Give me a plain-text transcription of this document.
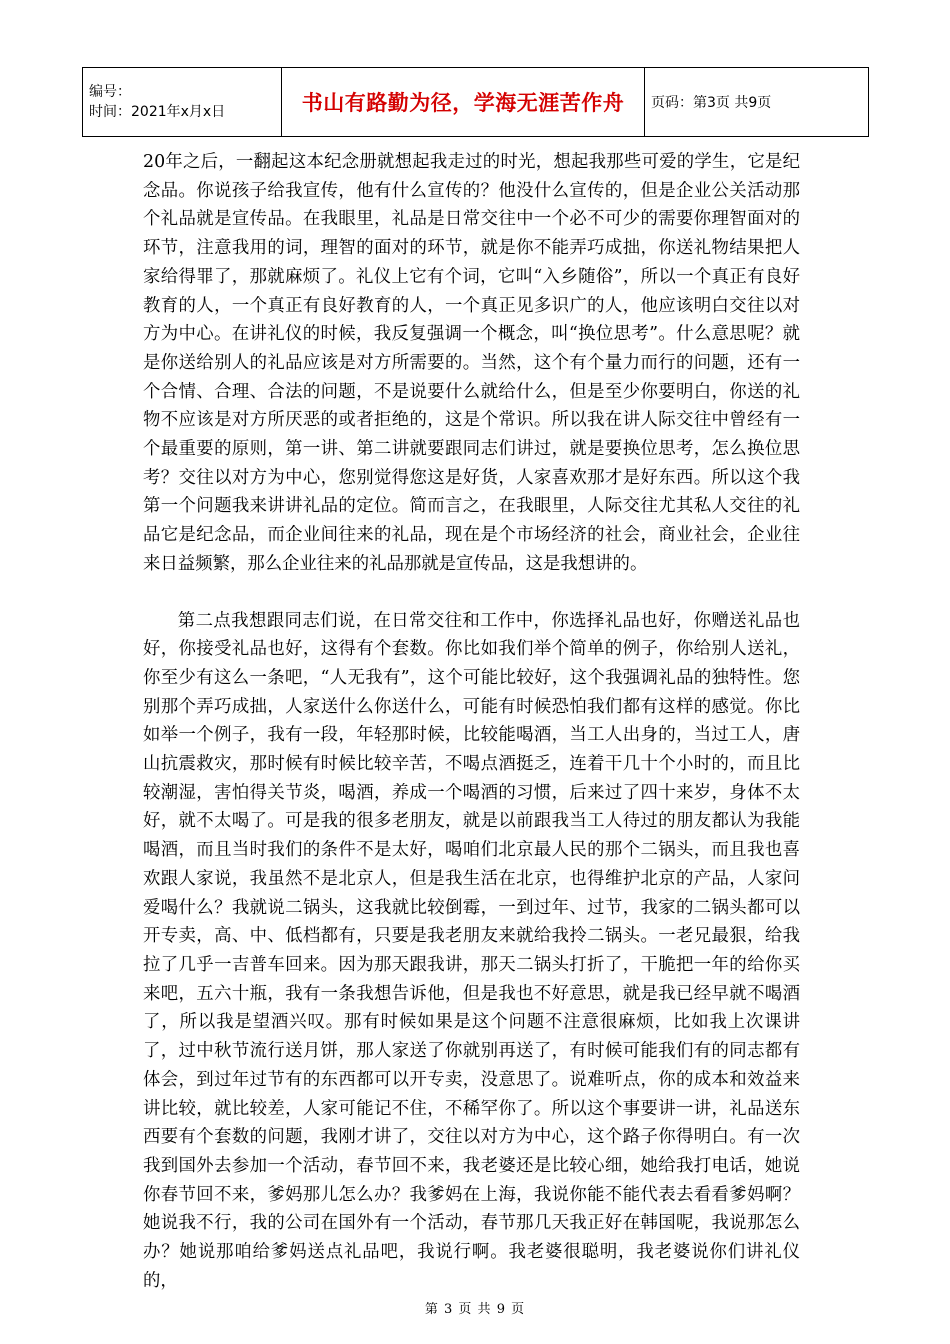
编号：
时间：2021年x月x日	书山有路勤为径，学海无涯苦作舟	页码：第3页 共9页

20年之后，一翻起这本纪念册就想起我走过的时光，想起我那些可爱的学生，它是纪念品。你说孩子给我宣传，他有什么宣传的？他没什么宣传的，但是企业公关活动那个礼品就是宣传品。在我眼里，礼品是日常交往中一个必不可少的需要你理智面对的环节，注意我用的词，理智的面对的环节，就是你不能弄巧成拙，你送礼物结果把人家给得罪了，那就麻烦了。礼仪上它有个词，它叫“入乡随俗”，所以一个真正有良好教育的人，一个真正有良好教育的人，一个真正见多识广的人，他应该明白交往以对方为中心。在讲礼仪的时候，我反复强调一个概念，叫“换位思考”。什么意思呢？就是你送给别人的礼品应该是对方所需要的。当然，这个有个量力而行的问题，还有一个合情、合理、合法的问题，不是说要什么就给什么，但是至少你要明白，你送的礼物不应该是对方所厌恶的或者拒绝的，这是个常识。所以我在讲人际交往中曾经有一个最重要的原则，第一讲、第二讲就要跟同志们讲过，就是要换位思考，怎么换位思考？交往以对方为中心，您别觉得您这是好货，人家喜欢那才是好东西。所以这个我第一个问题我来讲讲礼品的定位。简而言之，在我眼里，人际交往尤其私人交往的礼品它是纪念品，而企业间往来的礼品，现在是个市场经济的社会，商业社会，企业往来日益频繁，那么企业往来的礼品那就是宣传品，这是我想讲的。

第二点我想跟同志们说，在日常交往和工作中，你选择礼品也好，你赠送礼品也好，你接受礼品也好，这得有个套数。你比如我们举个简单的例子，你给别人送礼，你至少有这么一条吧，“人无我有”，这个可能比较好，这个我强调礼品的独特性。您别那个弄巧成拙，人家送什么你送什么，可能有时候恐怕我们都有这样的感觉。你比如举一个例子，我有一段，年轻那时候，比较能喝酒，当工人出身的，当过工人，唐山抗震救灾，那时候有时候比较辛苦，不喝点酒挺乏，连着干几十个小时的，而且比较潮湿，害怕得关节炎，喝酒，养成一个喝酒的习惯，后来过了四十来岁，身体不太好，就不太喝了。可是我的很多老朋友，就是以前跟我当工人待过的朋友都认为我能喝酒，而且当时我们的条件不是太好，喝咱们北京最人民的那个二锅头，而且我也喜欢跟人家说，我虽然不是北京人，但是我生活在北京，也得维护北京的产品，人家问爱喝什么？我就说二锅头，这我就比较倒霉，一到过年、过节，我家的二锅头都可以开专卖，高、中、低档都有，只要是我老朋友来就给我拎二锅头。一老兄最狠，给我拉了几乎一吉普车回来。因为那天跟我讲，那天二锅头打折了，干脆把一年的给你买来吧，五六十瓶，我有一条我想告诉他，但是我也不好意思，就是我已经早就不喝酒了，所以我是望酒兴叹。那有时候如果是这个问题不注意很麻烦，比如我上次课讲了，过中秋节流行送月饼，那人家送了你就别再送了，有时候可能我们有的同志都有体会，到过年过节有的东西都可以开专卖，没意思了。说难听点，你的成本和效益来讲比较，就比较差，人家可能记不住，不稀罕你了。所以这个事要讲一讲，礼品送东西要有个套数的问题，我刚才讲了，交往以对方为中心，这个路子你得明白。有一次我到国外去参加一个活动，春节回不来，我老婆还是比较心细，她给我打电话，她说你春节回不来，爹妈那儿怎么办？我爹妈在上海，我说你能不能代表去看看爹妈啊？她说我不行，我的公司在国外有一个活动，春节那几天我正好在韩国呢，我说那怎么办？她说那咱给爹妈送点礼品吧，我说行啊。我老婆很聪明，我老婆说你们讲礼仪的，

第 3 页 共 9 页
